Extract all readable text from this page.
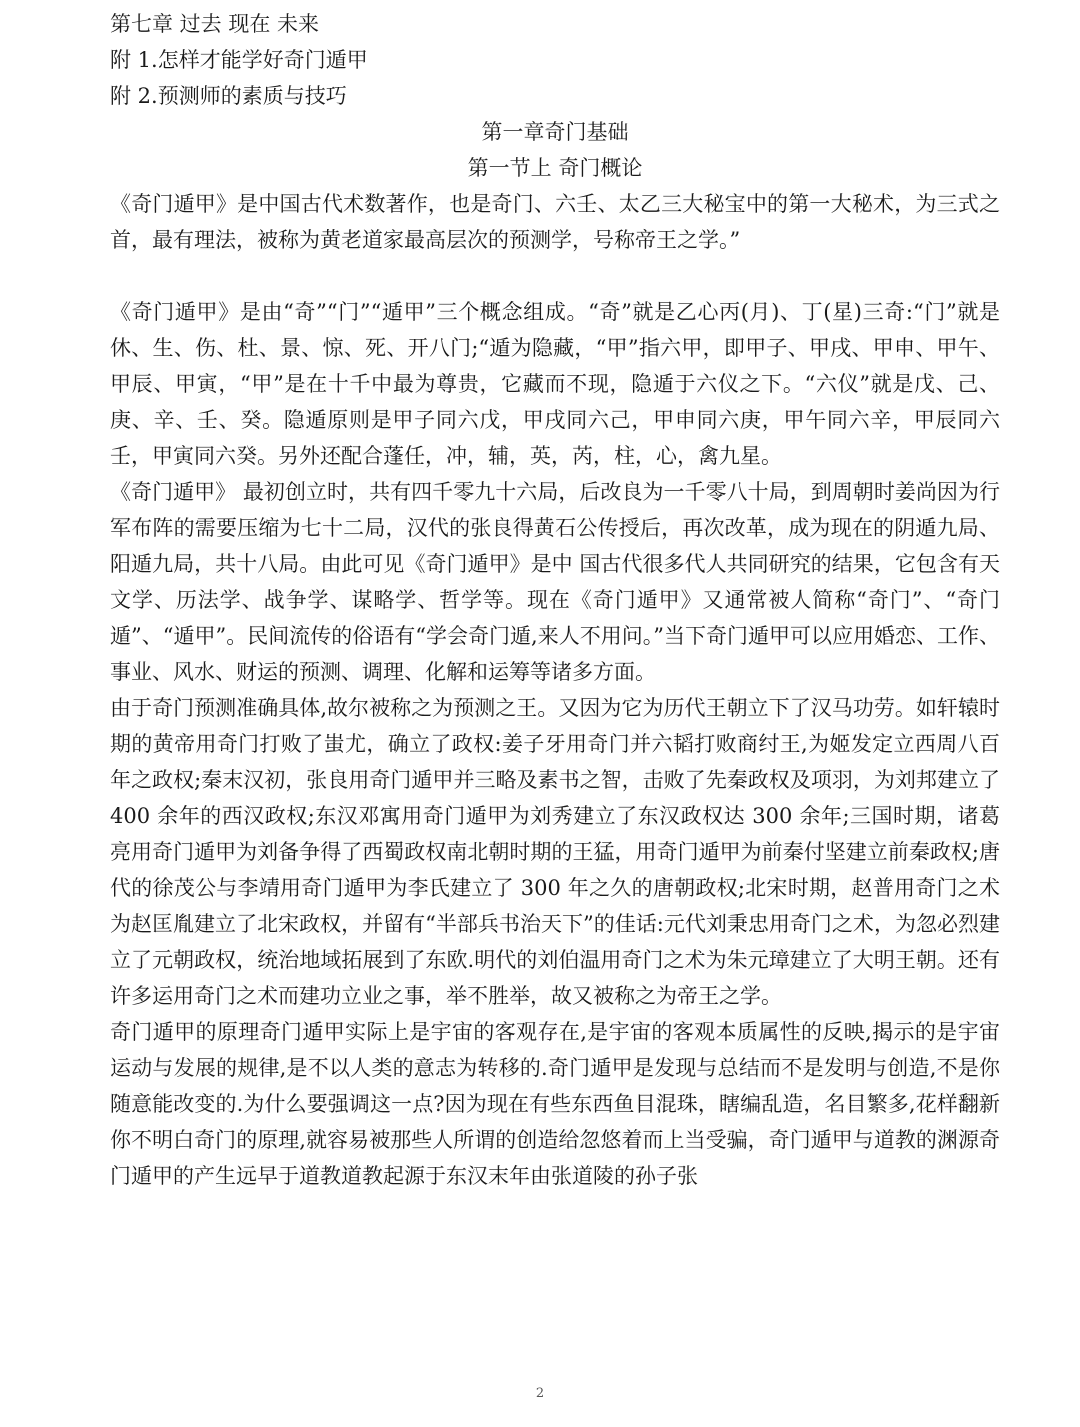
第七章 过去 现在 未来
附 1.怎样才能学好奇门遁甲
附 2.预测师的素质与技巧
第一章奇门基础
第一节上 奇门概论

《奇门遁甲》是中国古代术数著作，也是奇门、六壬、太乙三大秘宝中的第一大秘术，为三式之首，最有理法，被称为黄老道家最高层次的预测学，号称帝王之学。”

《奇门遁甲》是由“奇”“门”“遁甲”三个概念组成。“奇”就是乙心丙(月)、丁(星)三奇:“门”就是休、生、伤、杜、景、惊、死、开八门;“遁为隐藏，“甲”指六甲，即甲子、甲戌、甲申、甲午、甲辰、甲寅，“甲”是在十千中最为尊贵，它藏而不现，隐遁于六仪之下。“六仪”就是戊、己、庚、辛、壬、癸。隐遁原则是甲子同六戊，甲戌同六己，甲申同六庚，甲午同六辛，甲辰同六壬，甲寅同六癸。另外还配合蓬任，冲，辅，英，芮，柱，心，禽九星。

《奇门遁甲》 最初创立时，共有四千零九十六局，后改良为一千零八十局，到周朝时姜尚因为行军布阵的需要压缩为七十二局，汉代的张良得黄石公传授后，再次改革，成为现在的阴遁九局、阳遁九局，共十八局。由此可见《奇门遁甲》是中 国古代很多代人共同研究的结果，它包含有天文学、历法学、战争学、谋略学、哲学等。现在《奇门遁甲》又通常被人简称“奇门”、“奇门遁”、“遁甲”。民间流传的俗语有“学会奇门遁,来人不用问。”当下奇门遁甲可以应用婚恋、工作、事业、风水、财运的预测、调理、化解和运筹等诸多方面。

由于奇门预测准确具体,故尔被称之为预测之王。又因为它为历代王朝立下了汉马功劳。如轩辕时期的黄帝用奇门打败了蚩尤，确立了政权:姜子牙用奇门并六韬打败商纣王,为姬发定立西周八百年之政权;秦末汉初，张良用奇门遁甲并三略及素书之智，击败了先秦政权及项羽，为刘邦建立了 400 余年的西汉政权;东汉邓寓用奇门遁甲为刘秀建立了东汉政权达 300 余年;三国时期，诸葛亮用奇门遁甲为刘备争得了西蜀政权南北朝时期的王猛，用奇门遁甲为前秦付坚建立前秦政权;唐代的徐茂公与李靖用奇门遁甲为李氏建立了 300 年之久的唐朝政权;北宋时期，赵普用奇门之术为赵匡胤建立了北宋政权，并留有“半部兵书治天下”的佳话:元代刘秉忠用奇门之术，为忽必烈建立了元朝政权，统治地域拓展到了东欧.明代的刘伯温用奇门之术为朱元璋建立了大明王朝。还有许多运用奇门之术而建功立业之事，举不胜举，故又被称之为帝王之学。

奇门遁甲的原理奇门遁甲实际上是宇宙的客观存在,是宇宙的客观本质属性的反映,揭示的是宇宙运动与发展的规律,是不以人类的意志为转移的.奇门遁甲是发现与总结而不是发明与创造,不是你随意能改变的.为什么要强调这一点?因为现在有些东西鱼目混珠，瞎编乱造，名目繁多,花样翻新你不明白奇门的原理,就容易被那些人所谓的创造给忽悠着而上当受骗，奇门遁甲与道教的渊源奇门遁甲的产生远早于道教道教起源于东汉末年由张道陵的孙子张

2
